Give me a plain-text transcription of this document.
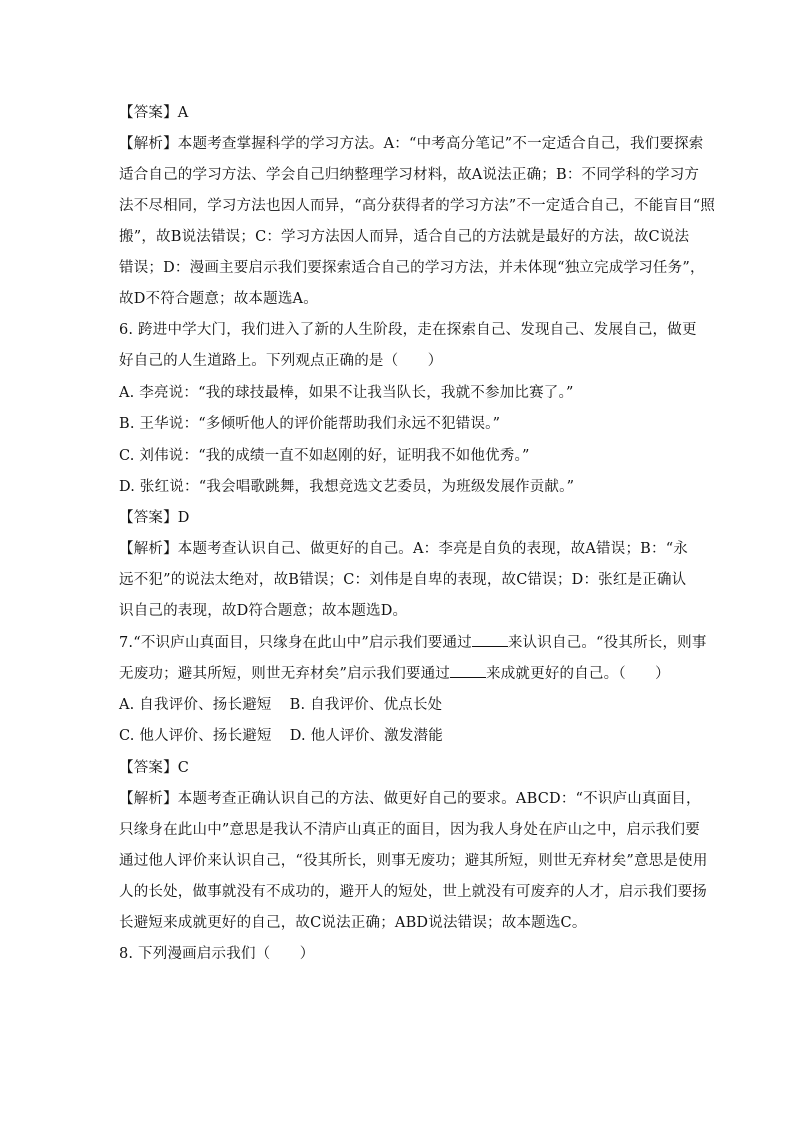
【答案】A
【解析】本题考查掌握科学的学习方法。A：“中考高分笔记”不一定适合自己，我们要探索
适合自己的学习方法、学会自己归纳整理学习材料，故A说法正确；B：不同学科的学习方
法不尽相同，学习方法也因人而异，“高分获得者的学习方法”不一定适合自己，不能盲目“照
搬”，故B说法错误；C：学习方法因人而异，适合自己的方法就是最好的方法，故C说法
错误；D：漫画主要启示我们要探索适合自己的学习方法，并未体现“独立完成学习任务”，
故D不符合题意；故本题选A。
6. 跨进中学大门，我们进入了新的人生阶段，走在探索自己、发现自己、发展自己，做更
好自己的人生道路上。下列观点正确的是（　　）
A. 李亮说：“我的球技最棒，如果不让我当队长，我就不参加比赛了。”
B. 王华说：“多倾听他人的评价能帮助我们永远不犯错误。”
C. 刘伟说：“我的成绩一直不如赵刚的好，证明我不如他优秀。”
D. 张红说：“我会唱歌跳舞，我想竞选文艺委员，为班级发展作贡献。”
【答案】D
【解析】本题考查认识自己、做更好的自己。A：李亮是自负的表现，故A错误；B：“永
远不犯”的说法太绝对，故B错误；C：刘伟是自卑的表现，故C错误；D：张红是正确认
识自己的表现，故D符合题意；故本题选D。
7.“不识庐山真面目，只缘身在此山中”启示我们要通过 来认识自己。“役其所长，则事
无废功；避其所短，则世无弃材矣”启示我们要通过 来成就更好的自己。（　　）
A. 自我评价、扬长避短 B. 自我评价、优点长处
C. 他人评价、扬长避短 D. 他人评价、激发潜能
【答案】C
【解析】本题考查正确认识自己的方法、做更好自己的要求。ABCD：“不识庐山真面目，
只缘身在此山中”意思是我认不清庐山真正的面目，因为我人身处在庐山之中，启示我们要
通过他人评价来认识自己，“役其所长，则事无废功；避其所短，则世无弃材矣”意思是使用
人的长处，做事就没有不成功的，避开人的短处，世上就没有可废弃的人才，启示我们要扬
长避短来成就更好的自己，故C说法正确；ABD说法错误；故本题选C。
8. 下列漫画启示我们（　　）
